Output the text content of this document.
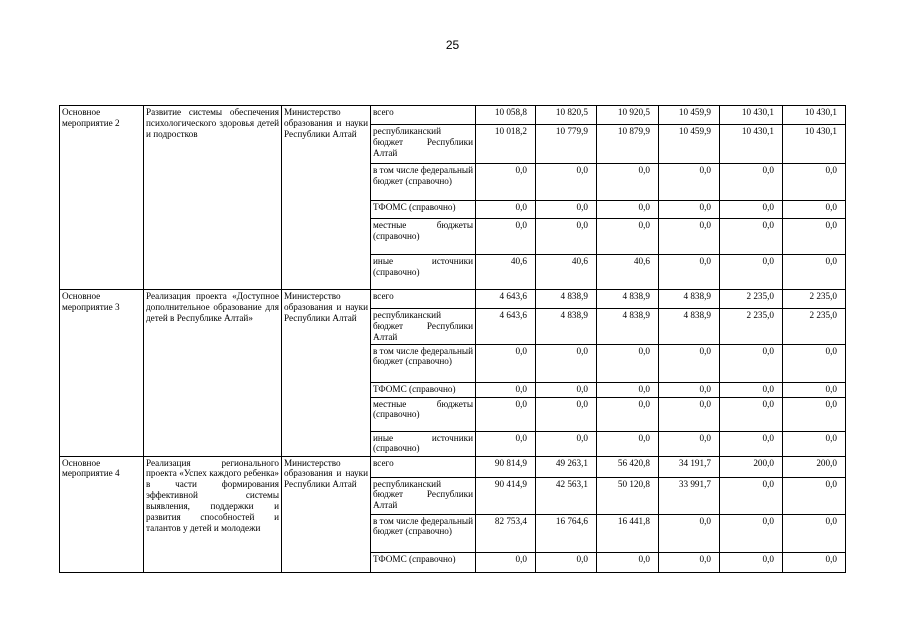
25
Основное мероприятие 2	Развитие системы обеспечения психологического здоровья детей и подростков	Министерство образования и науки Республики Алтай	всего	10 058,8	10 820,5	10 920,5	10 459,9	10 430,1	10 430,1
			республиканский бюджет Республики Алтай	10 018,2	10 779,9	10 879,9	10 459,9	10 430,1	10 430,1
			в том числе федеральный бюджет (справочно)	0,0	0,0	0,0	0,0	0,0	0,0
			ТФОМС (справочно)	0,0	0,0	0,0	0,0	0,0	0,0
			местные бюджеты (справочно)	0,0	0,0	0,0	0,0	0,0	0,0
			иные источники (справочно)	40,6	40,6	40,6	0,0	0,0	0,0
Основное мероприятие 3	Реализация проекта «Доступное дополнительное образование для детей в Республике Алтай»	Министерство образования и науки Республики Алтай	всего	4 643,6	4 838,9	4 838,9	4 838,9	2 235,0	2 235,0
			республиканский бюджет Республики Алтай	4 643,6	4 838,9	4 838,9	4 838,9	2 235,0	2 235,0
			в том числе федеральный бюджет (справочно)	0,0	0,0	0,0	0,0	0,0	0,0
			ТФОМС (справочно)	0,0	0,0	0,0	0,0	0,0	0,0
			местные бюджеты (справочно)	0,0	0,0	0,0	0,0	0,0	0,0
			иные источники (справочно)	0,0	0,0	0,0	0,0	0,0	0,0
Основное мероприятие 4	Реализация регионального проекта «Успех каждого ребенка» в части формирования эффективной системы выявления, поддержки и развития способностей и талантов у детей и молодежи	Министерство образования и науки Республики Алтай	всего	90 814,9	49 263,1	56 420,8	34 191,7	200,0	200,0
			республиканский бюджет Республики Алтай	90 414,9	42 563,1	50 120,8	33 991,7	0,0	0,0
			в том числе федеральный бюджет (справочно)	82 753,4	16 764,6	16 441,8	0,0	0,0	0,0
			ТФОМС (справочно)	0,0	0,0	0,0	0,0	0,0	0,0
